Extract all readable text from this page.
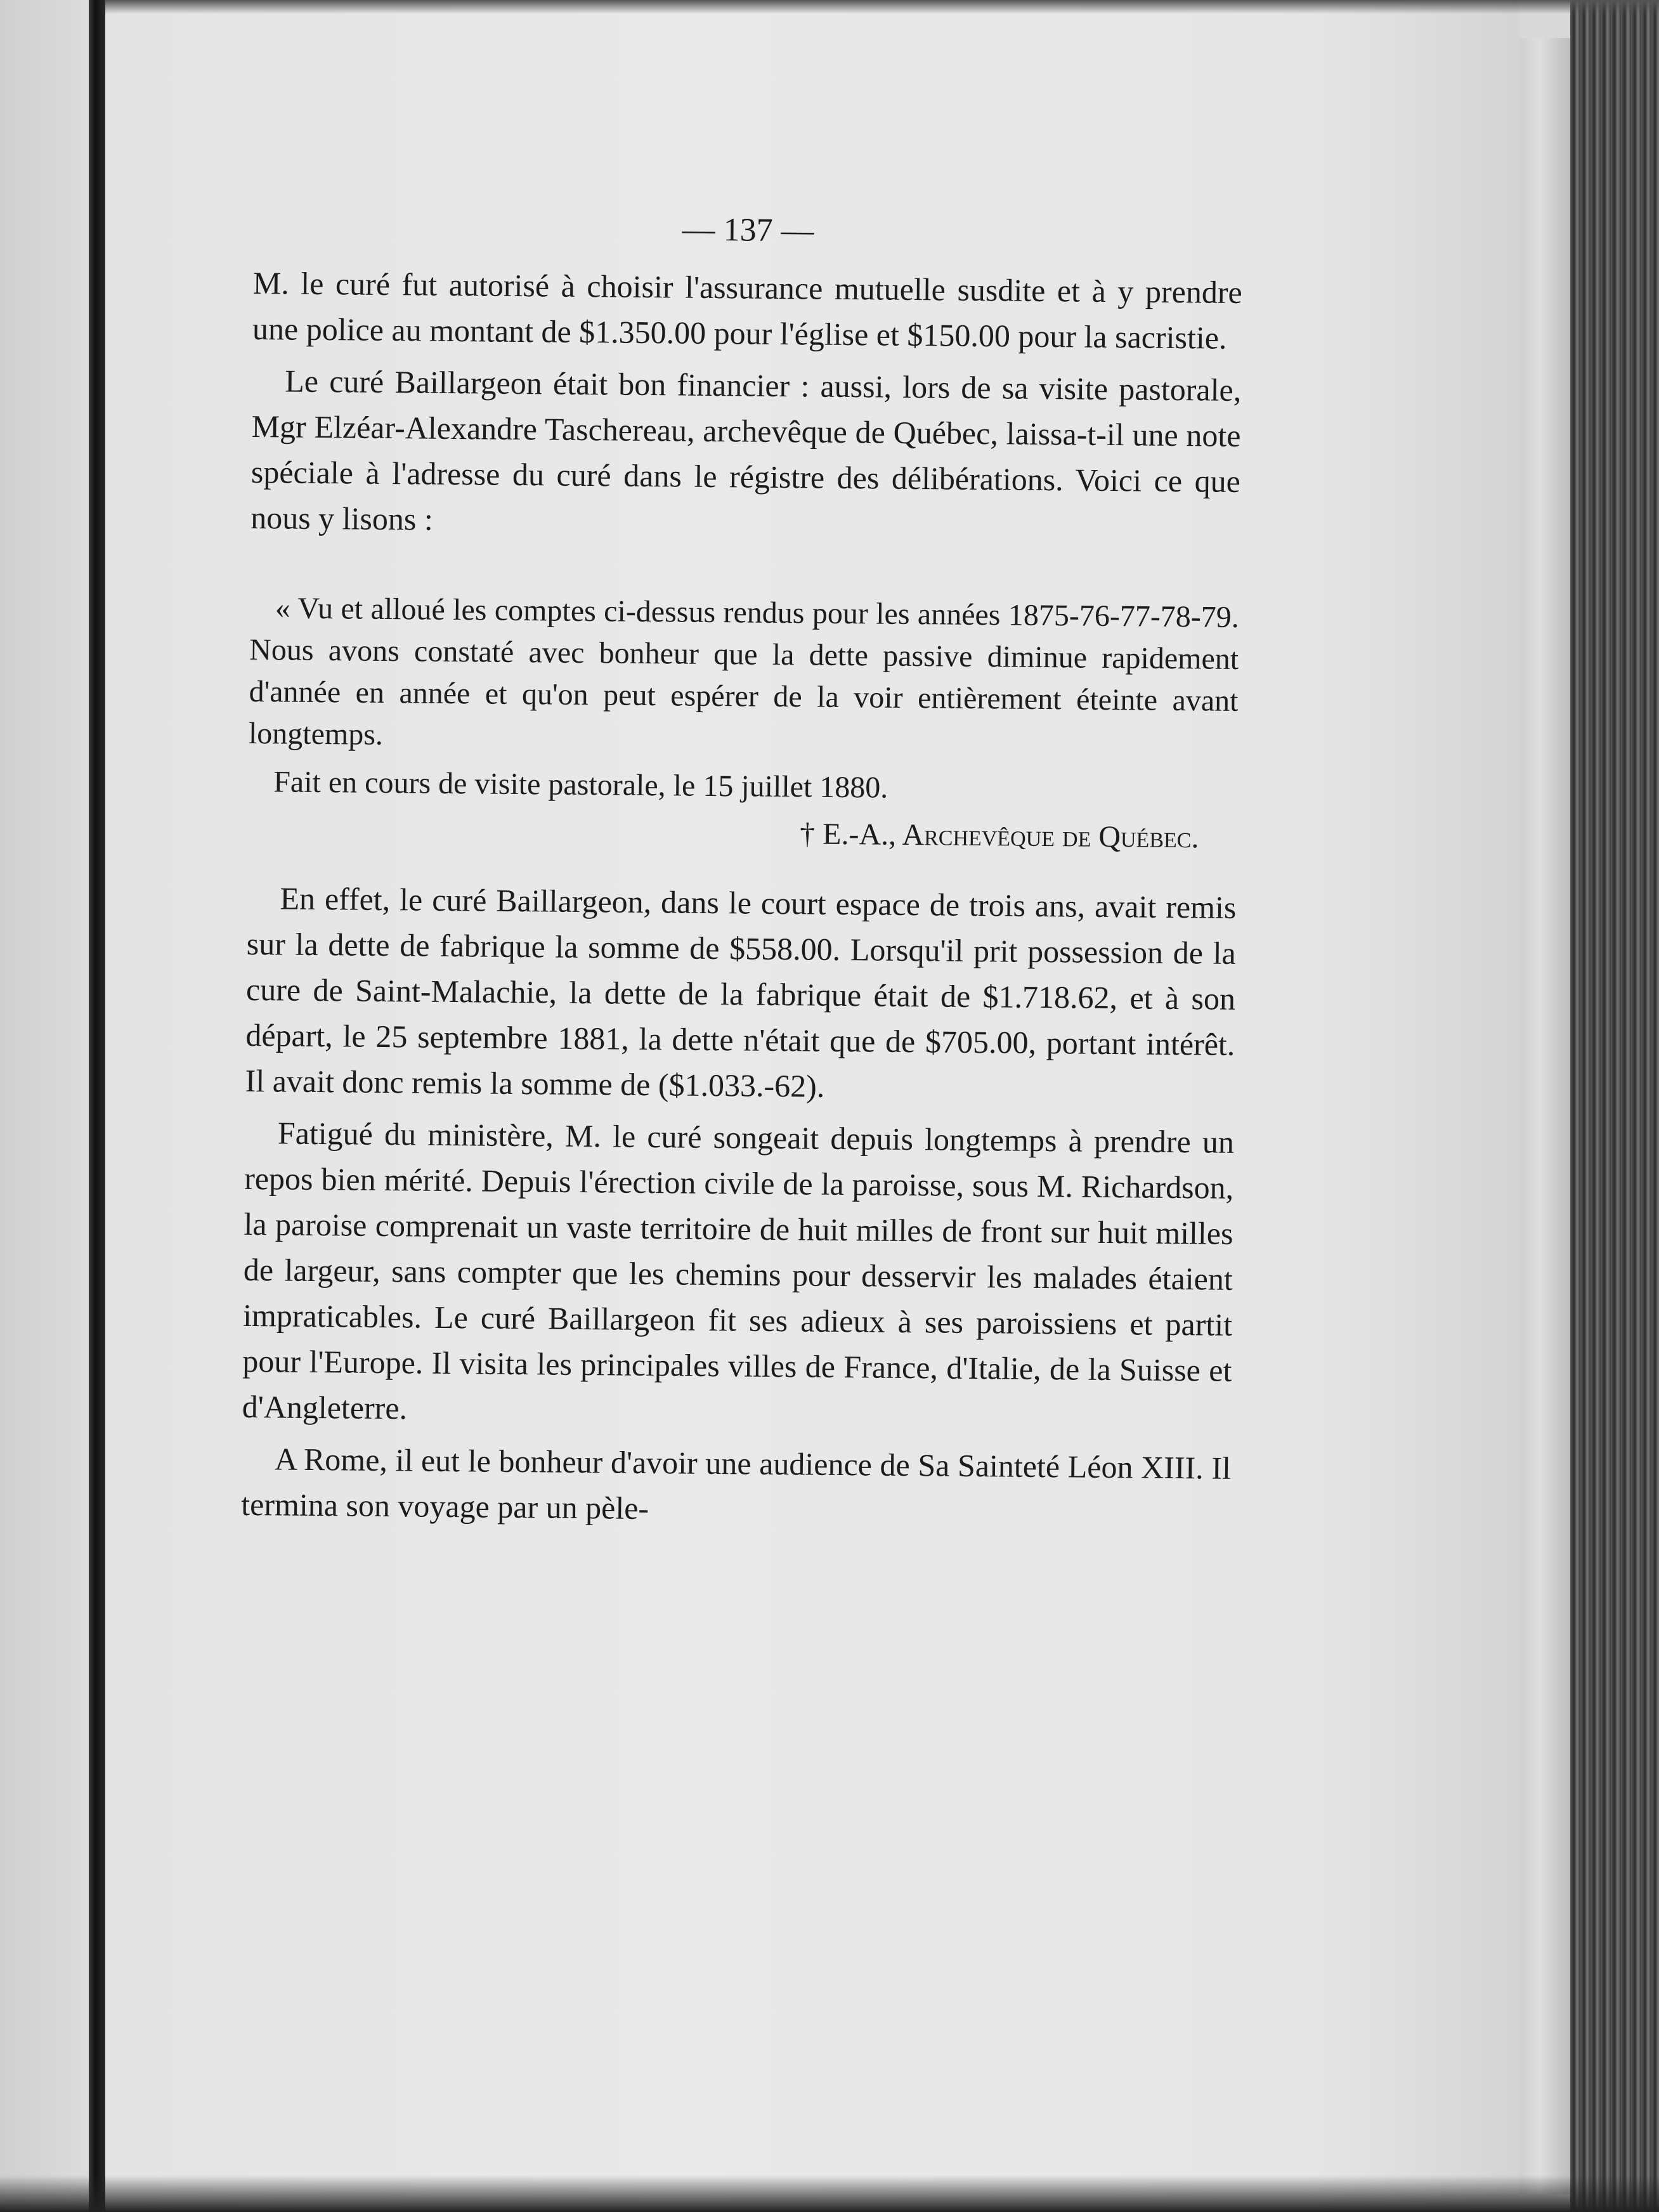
— 137 —

M. le curé fut autorisé à choisir l'assurance mutuelle susdite et à y prendre une police au montant de $1.350.00 pour l'église et $150.00 pour la sacristie.

Le curé Baillargeon était bon financier : aussi, lors de sa visite pastorale, Mgr Elzéar-Alexandre Taschereau, archevêque de Québec, laissa-t-il une note spéciale à l'adresse du curé dans le régistre des délibérations. Voici ce que nous y lisons :

« Vu et alloué les comptes ci-dessus rendus pour les années 1875-76-77-78-79. Nous avons constaté avec bonheur que la dette passive diminue rapidement d'année en année et qu'on peut espérer de la voir entièrement éteinte avant longtemps.

Fait en cours de visite pastorale, le 15 juillet 1880.

† E.-A., Archevêque de Québec.

En effet, le curé Baillargeon, dans le court espace de trois ans, avait remis sur la dette de fabrique la somme de $558.00. Lorsqu'il prit possession de la cure de Saint-Malachie, la dette de la fabrique était de $1.718.62, et à son départ, le 25 septembre 1881, la dette n'était que de $705.00, portant intérêt. Il avait donc remis la somme de ($1.033.-62).

Fatigué du ministère, M. le curé songeait depuis longtemps à prendre un repos bien mérité. Depuis l'érection civile de la paroisse, sous M. Richardson, la paroise comprenait un vaste territoire de huit milles de front sur huit milles de largeur, sans compter que les chemins pour desservir les malades étaient impraticables. Le curé Baillargeon fit ses adieux à ses paroissiens et partit pour l'Europe. Il visita les principales villes de France, d'Italie, de la Suisse et d'Angleterre.

A Rome, il eut le bonheur d'avoir une audience de Sa Sainteté Léon XIII. Il termina son voyage par un pèle-
